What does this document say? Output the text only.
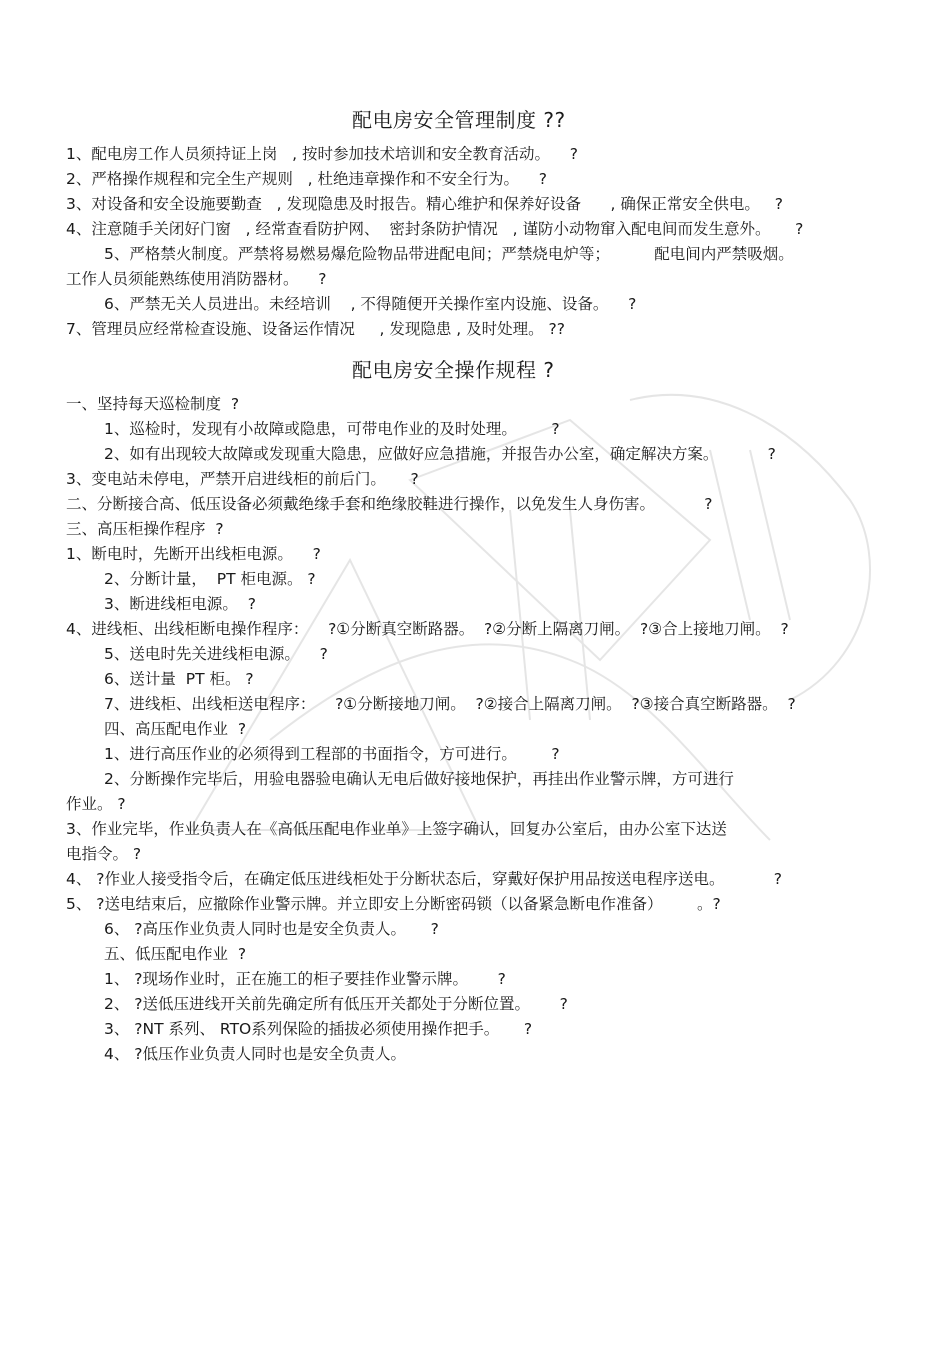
配电房安全管理制度 ??
1、配电房工作人员须持证上岗   , 按时参加技术培训和安全教育活动。    ?
2、严格操作规程和完全生产规则   , 杜绝违章操作和不安全行为。    ?
3、对设备和安全设施要勤查   , 发现隐患及时报告。精心维护和保养好设备      , 确保正常安全供电。   ?
4、注意随手关闭好门窗   , 经常查看防护网、  密封条防护情况   , 谨防小动物窜入配电间而发生意外。     ?
5、严格禁火制度。严禁将易燃易爆危险物品带进配电间；严禁烧电炉等；         配电间内严禁吸烟。
工作人员须能熟练使用消防器材。    ?
6、严禁无关人员进出。未经培训    , 不得随便开关操作室内设施、设备。    ?
7、管理员应经常检查设施、设备运作情况     , 发现隐患 , 及时处理。 ??
配电房安全操作规程 ?
一、坚持每天巡检制度  ?
1、巡检时，发现有小故障或隐患，可带电作业的及时处理。       ?
2、如有出现较大故障或发现重大隐患，应做好应急措施，并报告办公室，确定解决方案。          ?
3、变电站未停电，严禁开启进线柜的前后门。     ?
二、分断接合高、低压设备必须戴绝缘手套和绝缘胶鞋进行操作，以免发生人身伤害。          ?
三、高压柜操作程序  ?
1、断电时，先断开出线柜电源。    ?
2、分断计量，  PT 柜电源。 ?
3、断进线柜电源。  ?
4、进线柜、出线柜断电操作程序：    ?①分断真空断路器。  ?②分断上隔离刀闸。  ?③合上接地刀闸。  ?
5、送电时先关进线柜电源。    ?
6、送计量  PT 柜。 ?
7、进线柜、出线柜送电程序：    ?①分断接地刀闸。  ?②接合上隔离刀闸。  ?③接合真空断路器。  ?
四、高压配电作业  ?
1、进行高压作业的必须得到工程部的书面指令，方可进行。       ?
2、分断操作完毕后，用验电器验电确认无电后做好接地保护，再挂出作业警示牌，方可进行
作业。 ?
3、作业完毕，作业负责人在《高低压配电作业单》上签字确认，回复办公室后，由办公室下达送
电指令。 ?
4、 ?作业人接受指令后，在确定低压进线柜处于分断状态后，穿戴好保护用品按送电程序送电。          ?
5、 ?送电结束后，应撤除作业警示牌。并立即安上分断密码锁（以备紧急断电作准备）       。?
6、 ?高压作业负责人同时也是安全负责人。     ?
五、低压配电作业  ?
1、 ?现场作业时，正在施工的柜子要挂作业警示牌。      ?
2、 ?送低压进线开关前先确定所有低压开关都处于分断位置。      ?
3、 ?NT 系列、 RTO系列保险的插拔必须使用操作把手。     ?
4、 ?低压作业负责人同时也是安全负责人。
